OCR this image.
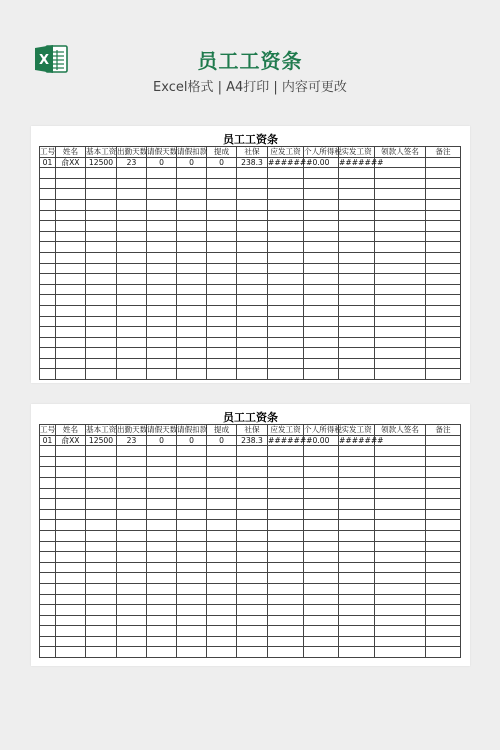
X	员工工资条
Excel格式 | A4打印 | 内容可更改
员工工资条
工号	姓名	基本工资	出勤天数	请假天数	请假扣款	提成	社保	应发工资	个人所得税	实发工资	领款人签名	备注
01	俞XX	12500	23	0	0	0	238.3	#######	0.00	#######		

员工工资条
工号	姓名	基本工资	出勤天数	请假天数	请假扣款	提成	社保	应发工资	个人所得税	实发工资	领款人签名	备注
01	俞XX	12500	23	0	0	0	238.3	#######	0.00	#######		
